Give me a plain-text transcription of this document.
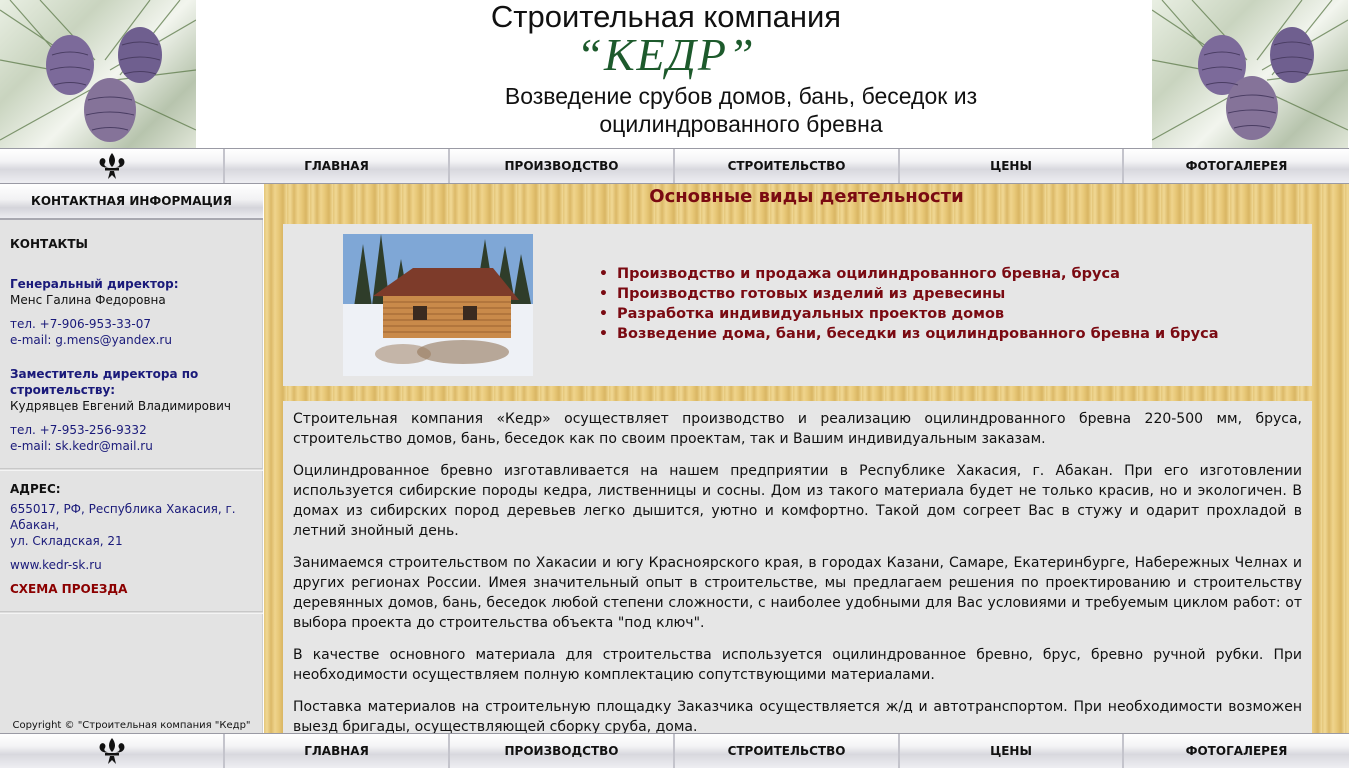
Строительная компания
“КЕДР”
Возведение срубов домов, бань, беседок из
оцилиндрованного бревна
ГЛАВНАЯ	ПРОИЗВОДСТВО	СТРОИТЕЛЬСТВО	ЦЕНЫ	ФОТОГАЛЕРЕЯ
КОНТАКТНАЯ ИНФОРМАЦИЯ
КОНТАКТЫ
Генеральный директор:
Менс Галина Федоровна
тел. +7-906-953-33-07
e-mail: g.mens@yandex.ru
Заместитель директора по строительству:
Кудрявцев Евгений Владимирович
тел. +7-953-256-9332
e-mail: sk.kedr@mail.ru
АДРЕС:
655017, РФ, Республика Хакасия, г. Абакан,
ул. Складская, 21
www.kedr-sk.ru
СХЕМА ПРОЕЗДА
Copyright © "Строительная компания "Кедр"
Основные виды деятельности
• Производство и продажа оцилиндрованного бревна, бруса
• Производство готовых изделий из древесины
• Разработка индивидуальных проектов домов
• Возведение дома, бани, беседки из оцилиндрованного бревна и бруса

Строительная компания «Кедр» осуществляет производство и реализацию оцилиндрованного бревна 220-500 мм, бруса, строительство домов, бань, беседок как по своим проектам, так и Вашим индивидуальным заказам.

Оцилиндрованное бревно изготавливается на нашем предприятии в Республике Хакасия, г. Абакан. При его изготовлении используется сибирские породы кедра, лиственницы и сосны. Дом из такого материала будет не только красив, но и экологичен. В домах из сибирских пород деревьев легко дышится, уютно и комфортно. Такой дом согреет Вас в стужу и одарит прохладой в летний знойный день.

Занимаемся строительством по Хакасии и югу Красноярского края, в городах Казани, Самаре, Екатеринбурге, Набережных Челнах и других регионах России. Имея значительный опыт в строительстве, мы предлагаем решения по проектированию и строительству деревянных домов, бань, беседок любой степени сложности, с наиболее удобными для Вас условиями и требуемым циклом работ: от выбора проекта до строительства объекта "под ключ".

В качестве основного материала для строительства используется оцилиндрованное бревно, брус, бревно ручной рубки. При необходимости осуществляем полную комплектацию сопутствующими материалами.

Поставка материалов на строительную площадку Заказчика осуществляется ж/д и автотранспортом. При необходимости возможен выезд бригады, осуществляющей сборку сруба, дома.

ГЛАВНАЯ	ПРОИЗВОДСТВО	СТРОИТЕЛЬСТВО	ЦЕНЫ	ФОТОГАЛЕРЕЯ
